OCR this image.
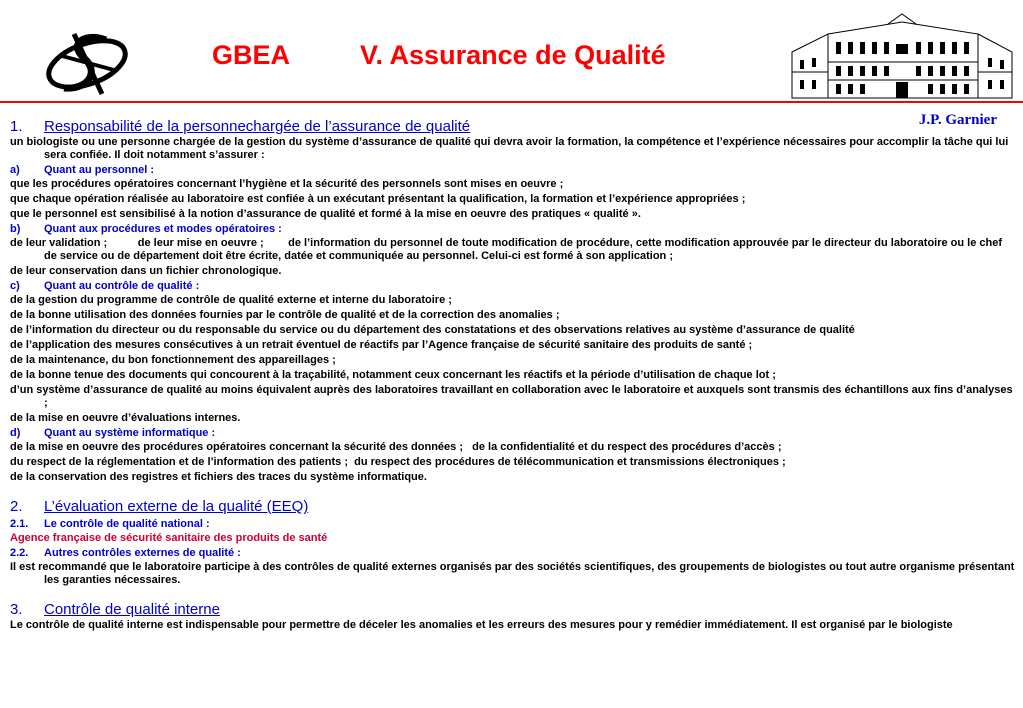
GBEA	V. Assurance de Qualité
J.P. Garnier
1. Responsabilité de la personnechargée de l’assurance de qualité
un biologiste ou une personne chargée de la gestion du système d’assurance de qualité qui devra avoir la formation, la compétence et l’expérience nécessaires pour accomplir la tâche qui lui sera confiée. Il doit notamment s’assurer :
a) Quant au personnel :
que les procédures opératoires concernant l’hygiène et la sécurité des personnels sont mises en oeuvre ;
que chaque opération réalisée au laboratoire est confiée à un exécutant présentant la qualification, la formation et l’expérience appropriées ;
que le personnel est sensibilisé à la notion d’assurance de qualité et formé à la mise en oeuvre des pratiques « qualité ».
b) Quant aux procédures et modes opératoires :
de leur validation ;          de leur mise en oeuvre ;        de l’information du personnel de toute modification de procédure, cette modification approuvée par le directeur du laboratoire ou le chef de service ou de département doit être écrite, datée et communiquée au personnel. Celui-ci est formé à son application ;
de leur conservation dans un fichier chronologique.
c) Quant au contrôle de qualité :
de la gestion du programme de contrôle de qualité externe et interne du laboratoire ;
de la bonne utilisation des données fournies par le contrôle de qualité et de la correction des anomalies ;
de l’information du directeur ou du responsable du service ou du département des constatations et des observations relatives au système d’assurance de qualité
de l’application des mesures consécutives à un retrait éventuel de réactifs par l’Agence française de sécurité sanitaire des produits de santé ;
de la maintenance, du bon fonctionnement des appareillages ;
de la bonne tenue des documents qui concourent à la traçabilité, notamment ceux concernant les réactifs et la période d’utilisation de chaque lot ;
d’un système d’assurance de qualité au moins équivalent auprès des laboratoires travaillant en collaboration avec le laboratoire et auxquels sont transmis des échantillons aux fins d’analyses ;
de la mise en oeuvre d’évaluations internes.
d) Quant au système informatique :
de la mise en oeuvre des procédures opératoires concernant la sécurité des données ;   de la confidentialité et du respect des procédures d’accès ;
du respect de la réglementation et de l’information des patients ;  du respect des procédures de télécommunication et transmissions électroniques ;
de la conservation des registres et fichiers des traces du système informatique.
2. L’évaluation externe de la qualité (EEQ)
2.1. Le contrôle de qualité national :
Agence française de sécurité sanitaire des produits de santé
2.2. Autres contrôles externes de qualité :
Il est recommandé que le laboratoire participe à des contrôles de qualité externes organisés par des sociétés scientifiques, des groupements de biologistes ou tout autre organisme présentant les garanties nécessaires.
3. Contrôle de qualité interne
Le contrôle de qualité interne est indispensable pour permettre de déceler les anomalies et les erreurs des mesures pour y remédier immédiatement. Il est organisé par le biologiste
